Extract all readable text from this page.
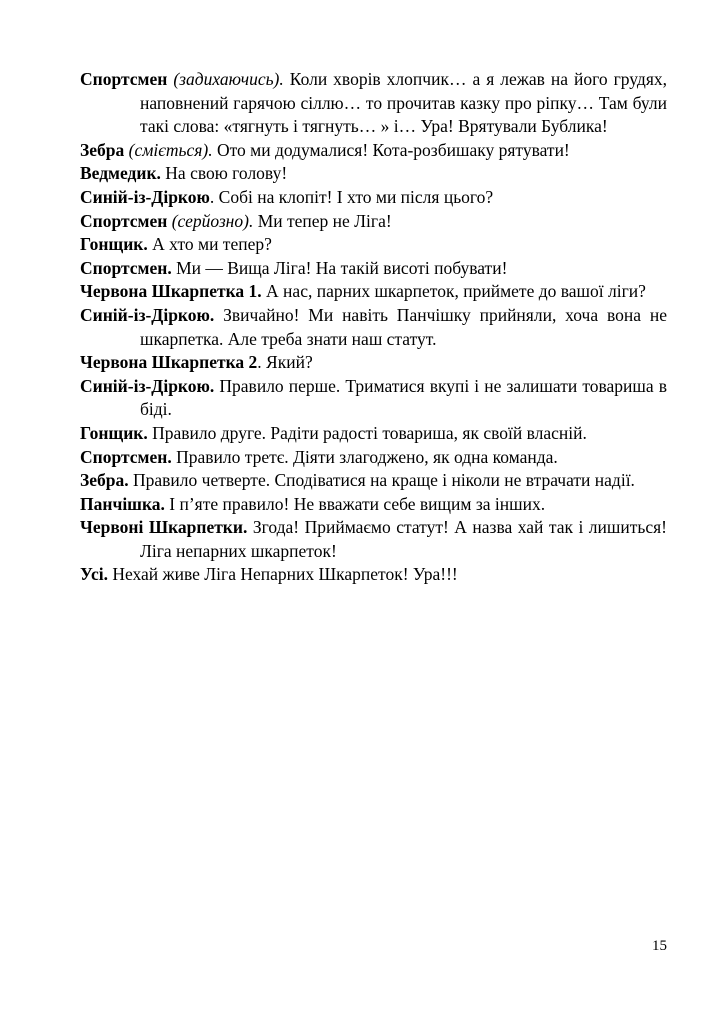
Спортсмен (задихаючись). Коли хворів хлопчик… а я лежав на його грудях, наповнений гарячою сіллю… то прочитав казку про ріпку… Там були такі слова: «тягнуть і тягнуть… » і… Ура! Врятували Бублика!

Зебра (сміється). Ото ми додумалися! Кота-розбишаку рятувати!

Ведмедик. На свою голову!

Синій-із-Діркою. Собі на клопіт! І хто ми після цього?

Спортсмен (серйозно). Ми тепер не Ліга!

Гонщик. А хто ми тепер?

Спортсмен. Ми — Вища Ліга! На такій висоті побувати!

Червона Шкарпетка 1. А нас, парних шкарпеток, приймете до вашої ліги?

Синій-із-Діркою. Звичайно! Ми навіть Панчішку прийняли, хоча вона не шкарпетка. Але треба знати наш статут.

Червона Шкарпетка 2. Який?

Синій-із-Діркою. Правило перше. Триматися вкупі і не залишати товариша в біді.

Гонщик. Правило друге. Радіти радості товариша, як своїй власній.

Спортсмен. Правило третє. Діяти злагоджено, як одна команда.

Зебра. Правило четверте. Сподіватися на краще і ніколи не втрачати надії.

Панчішка. І п’яте правило! Не вважати себе вищим за інших.

Червоні Шкарпетки. Згода! Приймаємо статут! А назва хай так і лишиться! Ліга непарних шкарпеток!

Усі. Нехай живе Ліга Непарних Шкарпеток! Ура!!!

15
